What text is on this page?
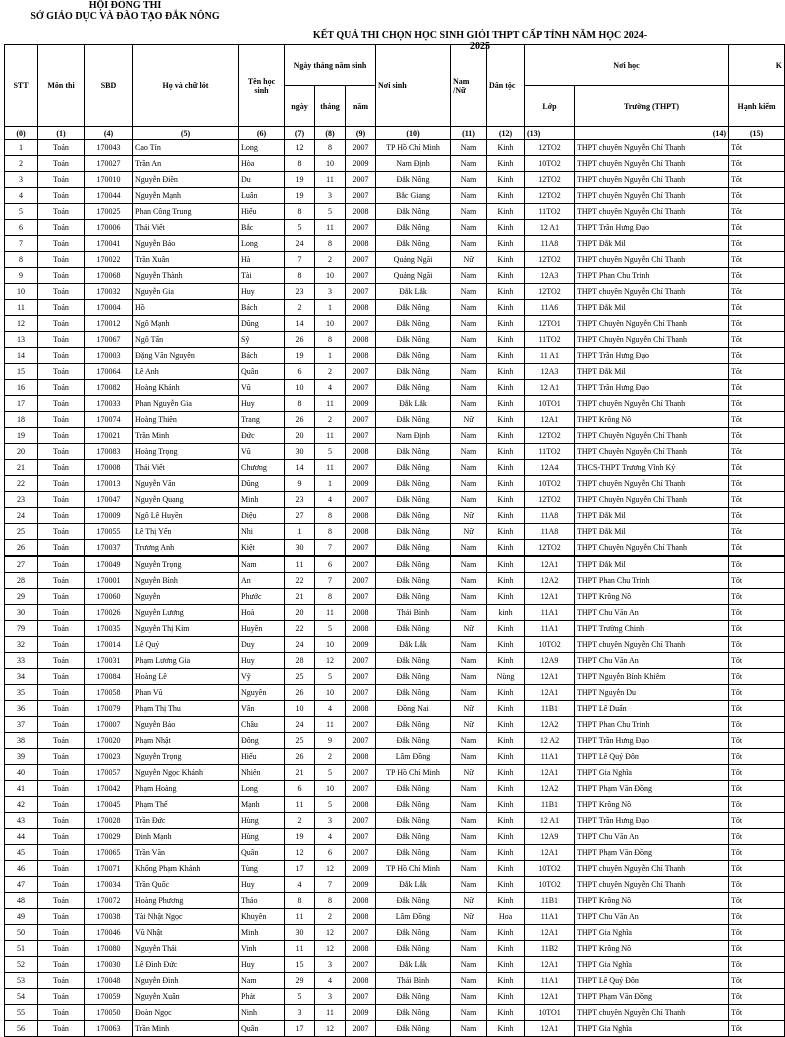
HỘI ĐỒNG THI
SỞ GIÁO DỤC VÀ ĐÀO TẠO ĐẮK NÔNG
KẾT QUẢ THI CHỌN HỌC SINH GIỎI THPT CẤP TỈNH NĂM HỌC 2024-2025
STT	Môn thi	SBD	Họ và chữ lót	Tên học sinh	Ngày tháng năm sinh			Nơi sinh	Nam /Nữ	Dân tộc	Nơi học		K
					ngày	tháng	năm				Lớp	Trường (THPT)	Hạnh kiểm
(0)	(1)	(4)	(5)	(6)	(7)	(8)	(9)	(10)	(11)	(12)	(13)	(14)	(15)
1	Toán	170043	Cao Tín	Long	12	8	2007	TP Hồ Chí Minh	Nam	Kinh	12TO2	THPT chuyên Nguyễn Chí Thanh	Tốt
2	Toán	170027	Trần An	Hòa	8	10	2009	Nam Định	Nam	Kinh	10TO2	THPT chuyên Nguyễn Chí Thanh	Tốt
3	Toán	170010	Nguyễn Điền	Du	19	11	2007	Đắk Nông	Nam	Kinh	12TO2	THPT chuyên Nguyễn Chí Thanh	Tốt
4	Toán	170044	Nguyễn Mạnh	Luân	19	3	2007	Bắc Giang	Nam	Kinh	12TO2	THPT chuyên Nguyễn Chí Thanh	Tốt
5	Toán	170025	Phan Công Trung	Hiếu	8	5	2008	Đắk Nông	Nam	Kinh	11TO2	THPT chuyên Nguyễn Chí Thanh	Tốt
6	Toán	170006	Thái Viết	Bắc	5	11	2007	Đắk Nông	Nam	Kinh	12 A1	THPT Trần Hưng Đạo	Tốt
7	Toán	170041	Nguyễn Bảo	Long	24	8	2008	Đắk Nông	Nam	Kinh	11A8	THPT Đắk Mil	Tốt
8	Toán	170022	Trần Xuân	Hà	7	2	2007	Quảng Ngãi	Nữ	Kinh	12TO2	THPT chuyên Nguyễn Chí Thanh	Tốt
9	Toán	170068	Nguyễn Thành	Tài	8	10	2007	Quảng Ngãi	Nam	Kinh	12A3	THPT Phan Chu Trinh	Tốt
10	Toán	170032	Nguyễn Gia	Huy	23	3	2007	Đắk Lắk	Nam	Kinh	12TO2	THPT chuyên Nguyễn Chí Thanh	Tốt
11	Toán	170004	Hồ	Bách	2	1	2008	Đắk Nông	Nam	Kinh	11A6	THPT Đắk Mil	Tốt
12	Toán	170012	Ngô Mạnh	Dũng	14	10	2007	Đắk Nông	Nam	Kinh	12TO1	THPT Chuyên Nguyễn Chí Thanh	Tốt
13	Toán	170067	Ngô Tấn	Sỹ	26	8	2008	Đắk Nông	Nam	Kinh	11TO2	THPT Chuyên Nguyễn Chí Thanh	Tốt
14	Toán	170003	Đặng Văn Nguyên	Bách	19	1	2008	Đắk Nông	Nam	Kinh	11 A1	THPT Trần Hưng Đạo	Tốt
15	Toán	170064	Lê Anh	Quân	6	2	2007	Đắk Nông	Nam	Kinh	12A3	THPT Đắk Mil	Tốt
16	Toán	170082	Hoàng Khánh	Vũ	10	4	2007	Đắk Nông	Nam	Kinh	12 A1	THPT Trần Hưng Đạo	Tốt
17	Toán	170033	Phan Nguyễn Gia	Huy	8	11	2009	Đắk Lắk	Nam	Kinh	10TO1	THPT chuyên Nguyễn Chí Thanh	Tốt
18	Toán	170074	Hoàng Thiên	Trang	26	2	2007	Đắk Nông	Nữ	Kinh	12A1	THPT Krông Nô	Tốt
19	Toán	170021	Trần Minh	Đức	20	11	2007	Nam Định	Nam	Kinh	12TO2	THPT Chuyên Nguyễn Chí Thanh	Tốt
20	Toán	170083	Hoàng Trọng	Vũ	30	5	2008	Đắk Nông	Nam	Kinh	11TO2	THPT Chuyên Nguyễn Chí Thanh	Tốt
21	Toán	170008	Thái Viết	Chương	14	11	2007	Đắk Nông	Nam	Kinh	12A4	THCS-THPT Trương Vĩnh Ký	Tốt
22	Toán	170013	Nguyễn Văn	Dũng	9	1	2009	Đắk Nông	Nam	Kinh	10TO2	THPT chuyên Nguyễn Chí Thanh	Tốt
23	Toán	170047	Nguyễn Quang	Minh	23	4	2007	Đắk Nông	Nam	Kinh	12TO2	THPT Chuyên Nguyễn Chí Thanh	Tốt
24	Toán	170009	Ngô Lê Huyền	Diệu	27	8	2008	Đắk Nông	Nữ	Kinh	11A8	THPT Đắk Mil	Tốt
25	Toán	170055	Lê Thị Yến	Nhi	1	8	2008	Đắk Nông	Nữ	Kinh	11A8	THPT Đắk Mil	Tốt
26	Toán	170037	Trương Anh	Kiệt	30	7	2007	Đắk Nông	Nam	Kinh	12TO2	THPT Chuyên Nguyễn Chí Thanh	Tốt
27	Toán	170049	Nguyễn Trọng	Nam	11	6	2007	Đắk Nông	Nam	Kinh	12A1	THPT Đắk Mil	Tốt
28	Toán	170001	Nguyễn Bình	An	22	7	2007	Đắk Nông	Nam	Kinh	12A2	THPT Phan Chu Trinh	Tốt
29	Toán	170060	Nguyễn	Phước	21	8	2007	Đắk Nông	Nam	Kinh	12A1	THPT Krông Nô	Tốt
30	Toán	170026	Nguyễn Lương	Hoà	20	11	2008	Thái Bình	Nam	kinh	11A1	THPT Chu Văn An	Tốt
79	Toán	170035	Nguyễn Thị Kim	Huyền	22	5	2008	Đắk Nông	Nữ	Kinh	11A1	THPT Trường Chinh	Tốt
32	Toán	170014	Lê Quý	Duy	24	10	2009	Đắk Lắk	Nam	Kinh	10TO2	THPT chuyên Nguyễn Chí Thanh	Tốt
33	Toán	170031	Phạm Lương Gia	Huy	28	12	2007	Đắk Nông	Nam	Kinh	12A9	THPT Chu Văn An	Tốt
34	Toán	170084	Hoàng Lê	Vỹ	25	5	2007	Đắk Nông	Nam	Nùng	12A1	THPT Nguyễn Bỉnh Khiêm	Tốt
35	Toán	170058	Phan Vũ	Nguyên	26	10	2007	Đắk Nông	Nam	Kinh	12A1	THPT Nguyễn Du	Tốt
36	Toán	170079	Phạm Thị Thu	Vân	10	4	2008	Đồng Nai	Nữ	Kinh	11B1	THPT Lê Duẩn	Tốt
37	Toán	170007	Nguyễn Bảo	Châu	24	11	2007	Đắk Nông	Nữ	Kinh	12A2	THPT Phan Chu Trinh	Tốt
38	Toán	170020	Phạm Nhật	Đông	25	9	2007	Đắk Nông	Nam	Kinh	12 A2	THPT Trần Hưng Đạo	Tốt
39	Toán	170023	Nguyễn Trọng	Hiếu	26	2	2008	Lâm Đồng	Nam	Kinh	11A1	THPT Lê Quý Đôn	Tốt
40	Toán	170057	Nguyễn Ngọc Khánh	Nhiên	21	5	2007	TP Hồ Chí Minh	Nữ	Kinh	12A1	THPT Gia Nghĩa	Tốt
41	Toán	170042	Phạm Hoàng	Long	6	10	2007	Đắk Nông	Nam	Kinh	12A2	THPT Phạm Văn Đồng	Tốt
42	Toán	170045	Phạm Thế	Mạnh	11	5	2008	Đắk Nông	Nam	Kinh	11B1	THPT Krông Nô	Tốt
43	Toán	170028	Trần Đức	Hùng	2	3	2007	Đắk Nông	Nam	Kinh	12 A1	THPT Trần Hưng Đạo	Tốt
44	Toán	170029	Đinh Mạnh	Hùng	19	4	2007	Đắk Nông	Nam	Kinh	12A9	THPT Chu Văn An	Tốt
45	Toán	170065	Trần Văn	Quân	12	6	2007	Đắk Nông	Nam	Kinh	12A1	THPT Phạm Văn Đồng	Tốt
46	Toán	170071	Khổng Phạm Khánh	Tùng	17	12	2009	TP Hồ Chí Minh	Nam	Kinh	10TO2	THPT chuyên Nguyễn Chí Thanh	Tốt
47	Toán	170034	Trần Quốc	Huy	4	7	2009	Đắk Lắk	Nam	Kinh	10TO2	THPT chuyên Nguyễn Chí Thanh	Tốt
48	Toán	170072	Hoàng Phương	Thảo	8	8	2008	Đắk Nông	Nữ	Kinh	11B1	THPT Krông Nô	Tốt
49	Toán	170038	Tài Nhật Ngọc	Khuyên	11	2	2008	Lâm Đồng	Nữ	Hoa	11A1	THPT Chu Văn An	Tốt
50	Toán	170046	Vũ Nhật	Minh	30	12	2007	Đắk Nông	Nam	Kinh	12A1	THPT Gia Nghĩa	Tốt
51	Toán	170080	Nguyễn Thái	Vinh	11	12	2008	Đắk Nông	Nam	Kinh	11B2	THPT Krông Nô	Tốt
52	Toán	170030	Lê Đình Đức	Huy	15	3	2007	Đắk Lắk	Nam	Kinh	12A1	THPT Gia Nghĩa	Tốt
53	Toán	170048	Nguyễn Đình	Nam	29	4	2008	Thái Bình	Nam	Kinh	11A1	THPT Lê Quý Đôn	Tốt
54	Toán	170059	Nguyễn Xuân	Phát	5	3	2007	Đắk Nông	Nam	Kinh	12A1	THPT Phạm Văn Đồng	Tốt
55	Toán	170050	Đoàn Ngọc	Ninh	3	11	2009	Đắk Nông	Nam	Kinh	10TO1	THPT chuyên Nguyễn Chí Thanh	Tốt
56	Toán	170063	Trần Minh	Quân	17	12	2007	Đắk Nông	Nam	Kinh	12A1	THPT Gia Nghĩa	Tốt
